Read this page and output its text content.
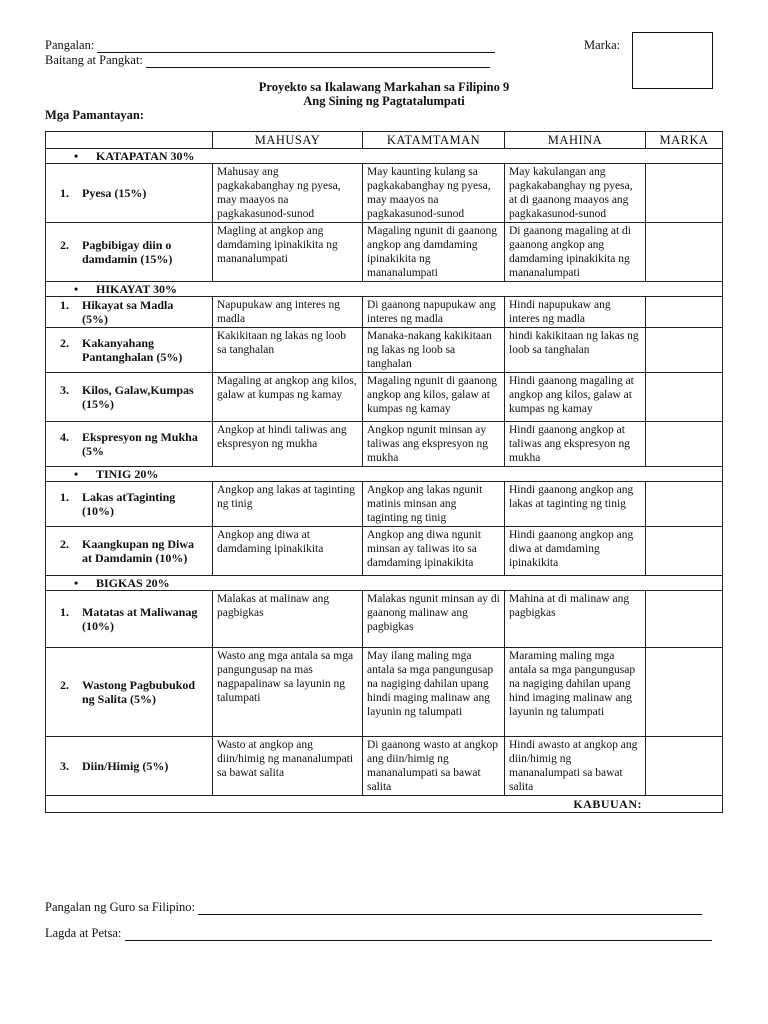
Pangalan:
Baitang at Pangkat:
Marka:
Proyekto sa Ikalawang Markahan sa Filipino 9
Ang Sining ng Pagtatalumpati
Mga Pamantayan:
	MAHUSAY	KATAMTAMAN	MAHINA	MARKA
• KATAPATAN 30%				
1. Pyesa (15%)	Mahusay ang pagkakabanghay ng pyesa, may maayos na pagkakasunod-sunod	May kaunting kulang sa pagkakabanghay ng pyesa, may maayos na pagkakasunod-sunod	May kakulangan ang pagkakabanghay ng pyesa, at di gaanong maayos ang pagkakasunod-sunod	
2. Pagbibigay diin o damdamin (15%)	Magling at angkop ang damdaming ipinakikita ng mananalumpati	Magaling ngunit di gaanong angkop ang damdaming ipinakikita ng mananalumpati	Di gaanong magaling at di gaanong angkop ang damdaming ipinakikita ng mananalumpati	
• HIKAYAT 30%				
1. Hikayat sa Madla (5%)	Napupukaw ang interes ng madla	Di gaanong napupukaw ang interes ng madla	Hindi napupukaw ang interes ng madla	
2. Kakanyahang Pantanghalan (5%)	Kakikitaan ng lakas ng loob sa tanghalan	Manaka-nakang kakikitaan ng lakas ng loob sa tanghalan	hindi kakikitaan ng lakas ng loob sa tanghalan	
3. Kilos, Galaw,Kumpas (15%)	Magaling at angkop ang kilos, galaw at kumpas ng kamay	Magaling ngunit di gaanong angkop ang kilos, galaw at kumpas ng kamay	Hindi gaanong magaling at angkop ang kilos, galaw at kumpas ng kamay	
4. Ekspresyon ng Mukha (5%	Angkop at hindi taliwas ang ekspresyon ng mukha	Angkop ngunit minsan ay taliwas ang ekspresyon ng mukha	Hindi gaanong angkop at taliwas ang ekspresyon ng mukha	
• TINIG 20%				
1. Lakas atTaginting (10%)	Angkop ang lakas at taginting ng tinig	Angkop ang lakas ngunit matinis minsan ang taginting ng tinig	Hindi gaanong angkop ang lakas at taginting ng tinig	
2. Kaangkupan ng Diwa at Damdamin (10%)	Angkop ang diwa at damdaming ipinakikita	Angkop ang diwa ngunit minsan ay taliwas ito sa damdaming ipinakikita	Hindi gaanong angkop ang diwa at damdaming ipinakikita	
• BIGKAS 20%				
1. Matatas at Maliwanag (10%)	Malakas at malinaw ang pagbigkas	Malakas ngunit minsan ay di gaanong malinaw ang pagbigkas	Mahina at di malinaw ang pagbigkas	
2. Wastong Pagbubukod ng Salita (5%)	Wasto ang mga antala sa mga pangungusap na mas nagpapalinaw sa layunin ng talumpati	May ilang maling mga antala sa mga pangungusap na nagiging dahilan upang hindi maging malinaw ang layunin ng talumpati	Maraming maling mga antala sa mga pangungusap na nagiging dahilan upang hind imaging malinaw ang layunin ng talumpati	
3. Diin/Himig (5%)	Wasto at angkop ang diin/himig ng mananalumpati sa bawat salita	Di gaanong wasto at angkop ang diin/himig ng mananalumpati sa bawat salita	Hindi awasto at angkop ang diin/himig ng mananalumpati sa bawat salita	
KABUUAN:				
Pangalan ng Guro sa Filipino:
Lagda at Petsa:
